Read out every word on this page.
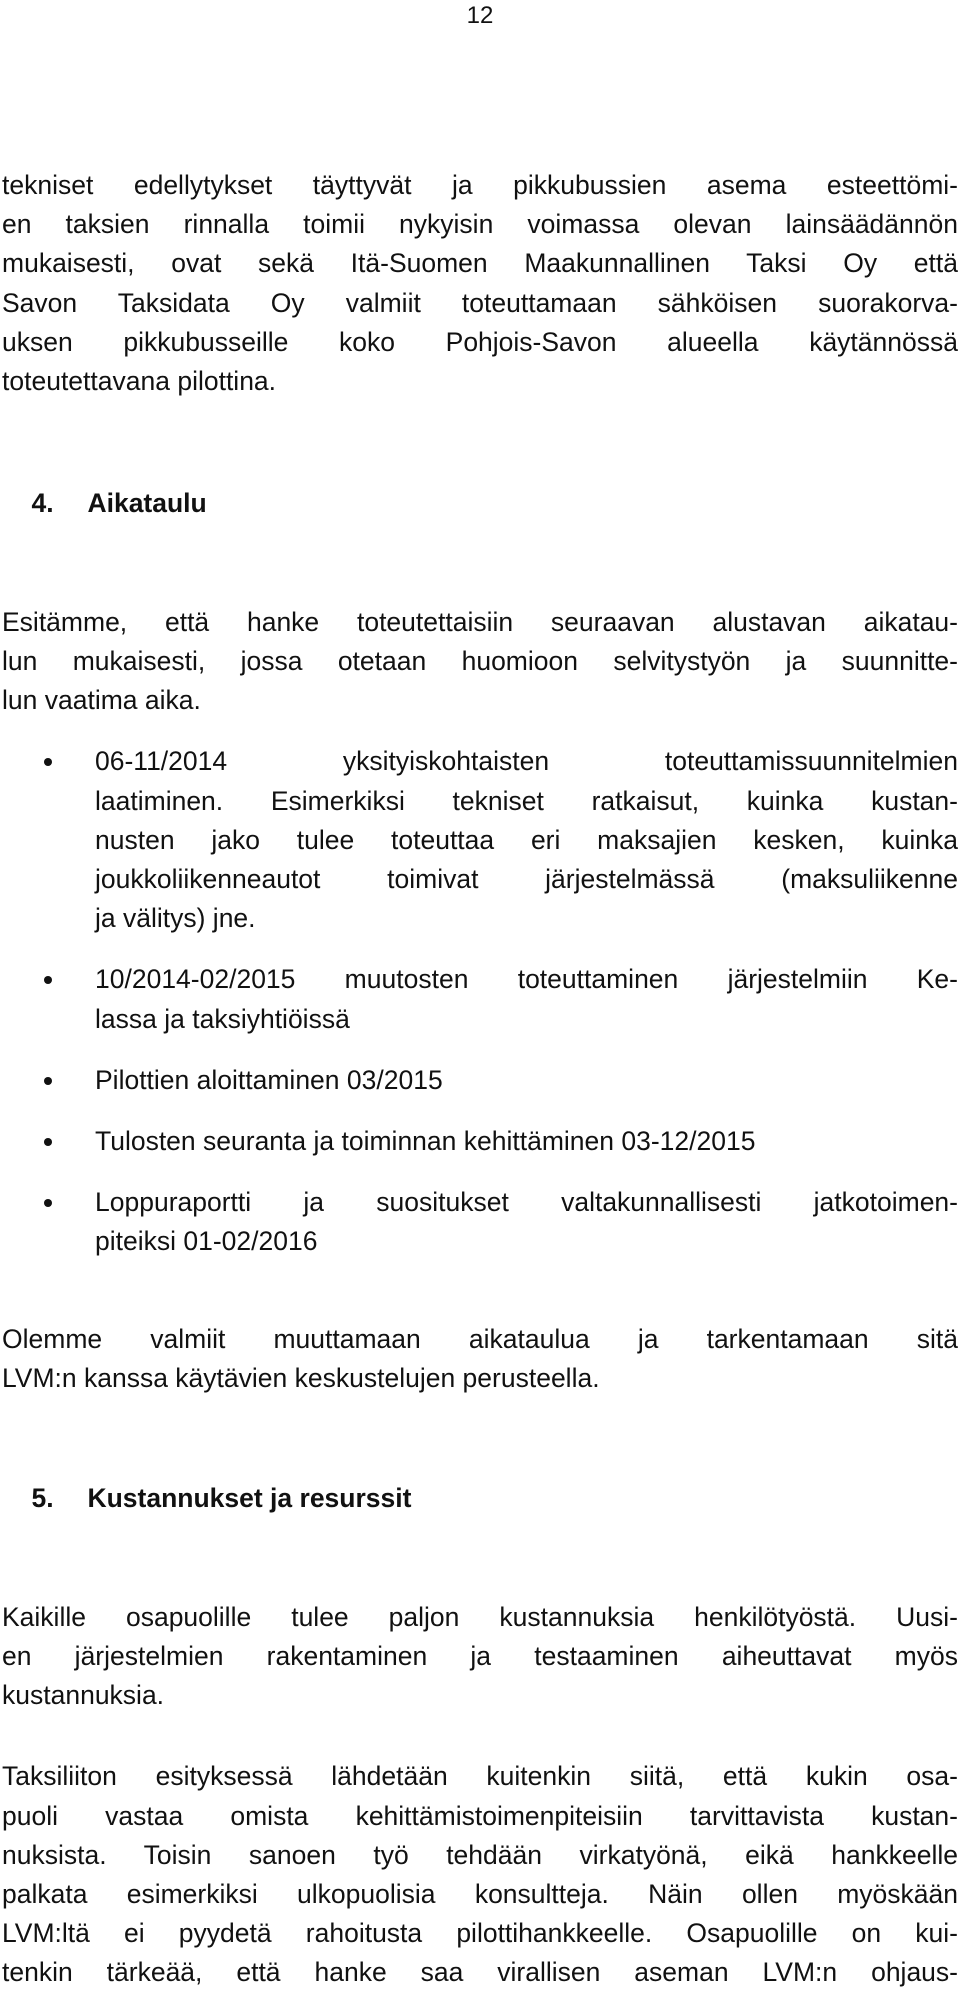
12
tekniset edellytykset täyttyvät ja pikkubussien asema esteettömi-
en taksien rinnalla toimii nykyisin voimassa olevan lainsäädännön
mukaisesti, ovat sekä Itä-Suomen Maakunnallinen Taksi Oy että
Savon Taksidata Oy valmiit toteuttamaan sähköisen suorakorva-
uksen pikkubusseille koko Pohjois-Savon alueella käytännössä
toteutettavana pilottina.

4. Aikataulu

Esitämme, että hanke toteutettaisiin seuraavan alustavan aikatau-
lun mukaisesti, jossa otetaan huomioon selvitystyön ja suunnitte-
lun vaatima aika.
06-11/2014 yksityiskohtaisten toteuttamissuunnitelmien
laatiminen. Esimerkiksi tekniset ratkaisut, kuinka kustan-
nusten jako tulee toteuttaa eri maksajien kesken, kuinka
joukkoliikenneautot toimivat järjestelmässä (maksuliikenne
ja välitys) jne.
10/2014-02/2015 muutosten toteuttaminen järjestelmiin Ke-
lassa ja taksiyhtiöissä
Pilottien aloittaminen 03/2015
Tulosten seuranta ja toiminnan kehittäminen 03-12/2015
Loppuraportti ja suositukset valtakunnallisesti jatkotoimen-
piteiksi 01-02/2016
Olemme valmiit muuttamaan aikataulua ja tarkentamaan sitä
LVM:n kanssa käytävien keskustelujen perusteella.

5. Kustannukset ja resurssit

Kaikille osapuolille tulee paljon kustannuksia henkilötyöstä. Uusi-
en järjestelmien rakentaminen ja testaaminen aiheuttavat myös
kustannuksia.
Taksiliiton esityksessä lähdetään kuitenkin siitä, että kukin osa-
puoli vastaa omista kehittämistoimenpiteisiin tarvittavista kustan-
nuksista. Toisin sanoen työ tehdään virkatyönä, eikä hankkeelle
palkata esimerkiksi ulkopuolisia konsultteja. Näin ollen myöskään
LVM:ltä ei pyydetä rahoitusta pilottihankkeelle. Osapuolille on kui-
tenkin tärkeää, että hanke saa virallisen aseman LVM:n ohjaus-
